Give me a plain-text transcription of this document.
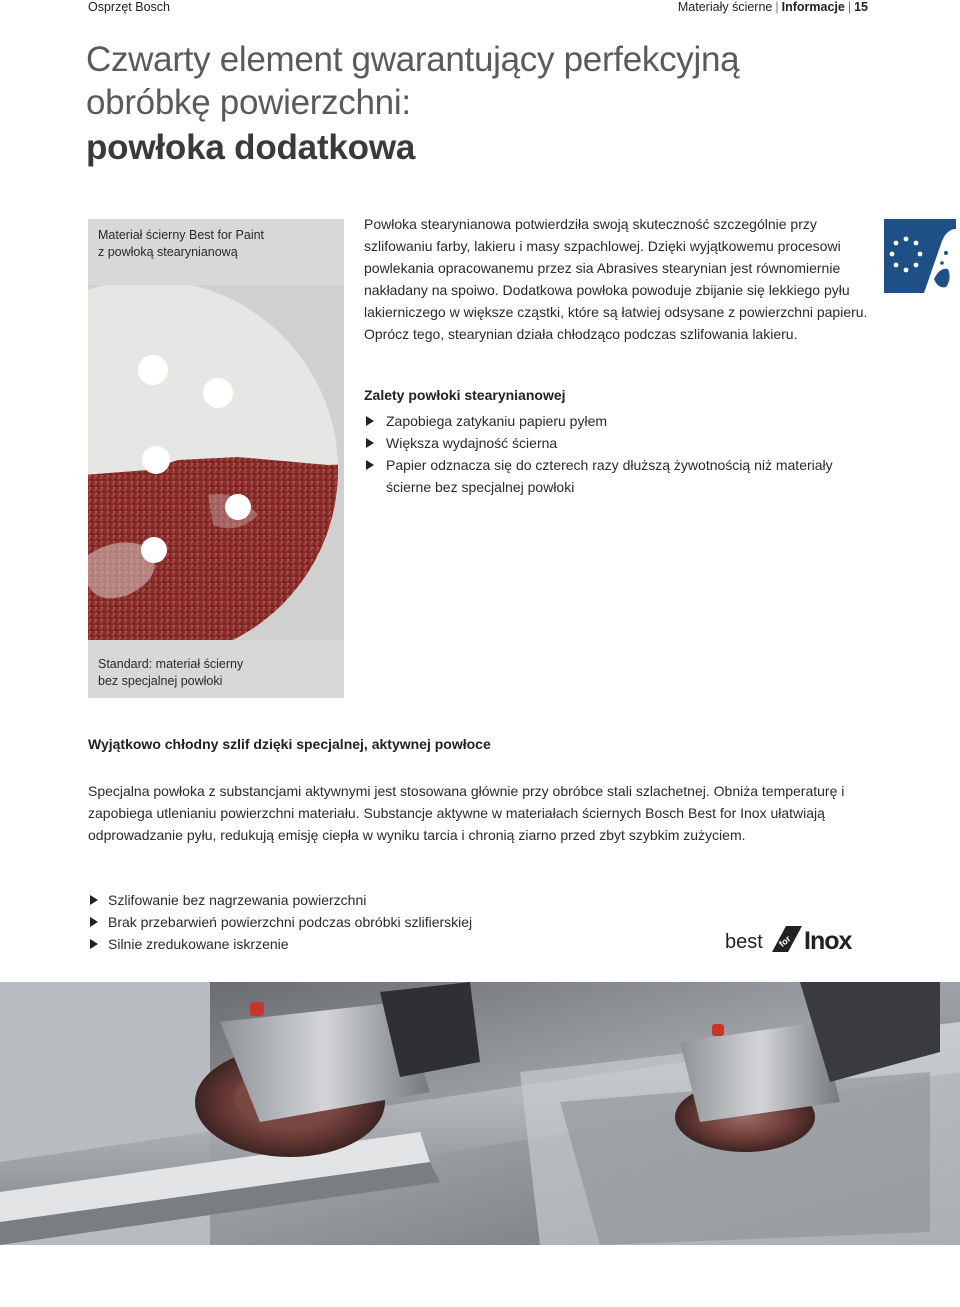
Osprzęt Bosch	Materiały ścierne | Informacje | 15
Czwarty element gwarantujący perfekcyjną
obróbkę powierzchni:
powłoka dodatkowa
Materiał ścierny Best for Paint
z powłoką stearynianową
Standard: materiał ścierny
bez specjalnej powłoki
Powłoka stearynianowa potwierdziła swoją skuteczność szczególnie przy szlifowaniu farby, lakieru i masy szpachlowej. Dzięki wyjątkowemu procesowi powlekania opracowanemu przez sia Abrasives stearynian jest równomiernie nakładany na spoiwo. Dodatkowa powłoka powoduje zbijanie się lekkiego pyłu lakierniczego w większe cząstki, które są łatwiej odsysane z powierzchni papieru. Oprócz tego, stearynian działa chłodząco podczas szlifowania lakieru.
Zalety powłoki stearynianowej
Zapobiega zatykaniu papieru pyłem
Większa wydajność ścierna
Papier odznacza się do czterech razy dłuższą żywotnością niż materiały ścierne bez specjalnej powłoki
Wyjątkowo chłodny szlif dzięki specjalnej, aktywnej powłoce
Specjalna powłoka z substancjami aktywnymi jest stosowana głównie przy obróbce stali szlachetnej. Obniża temperaturę i zapobiega utlenianiu powierzchni materiału. Substancje aktywne w materiałach ściernych Bosch Best for Inox ułatwiają odprowadzanie pyłu, redukują emisję ciepła w wyniku tarcia i chronią ziarno przed zbyt szybkim zużyciem.
Szlifowanie bez nagrzewania powierzchni
Brak przebarwień powierzchni podczas obróbki szlifierskiej
Silnie zredukowane iskrzenie	best for Inox
